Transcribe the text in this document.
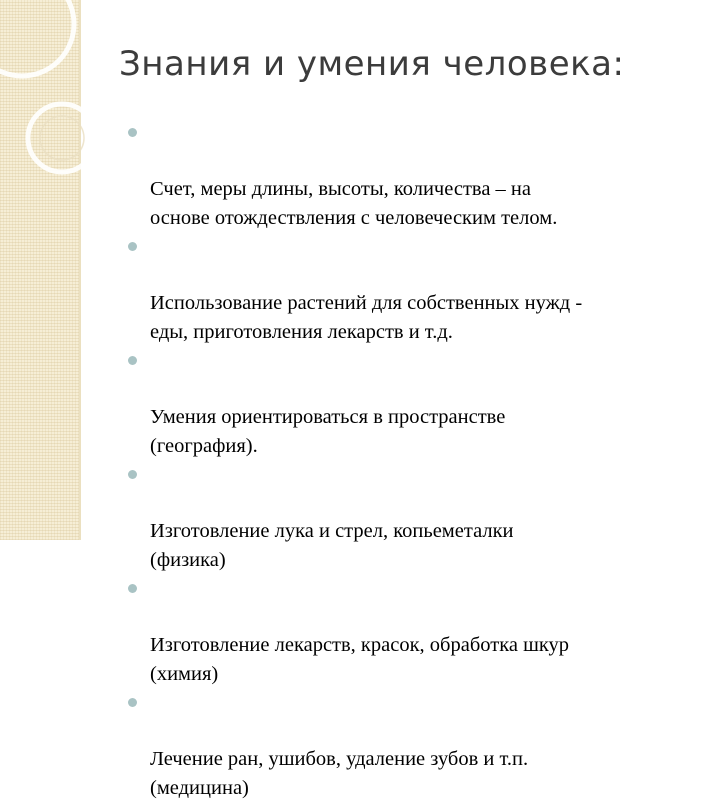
Знания и умения человека:

Счет, меры длины, высоты, количества – на
основе отождествления с человеческим телом.

Использование растений для собственных нужд -
еды, приготовления лекарств и т.д.

Умения ориентироваться в пространстве
(география).

Изготовление лука и стрел, копьеметалки
(физика)

Изготовление лекарств, красок, обработка шкур
(химия)

Лечение ран, ушибов, удаление зубов и т.п.
(медицина)
